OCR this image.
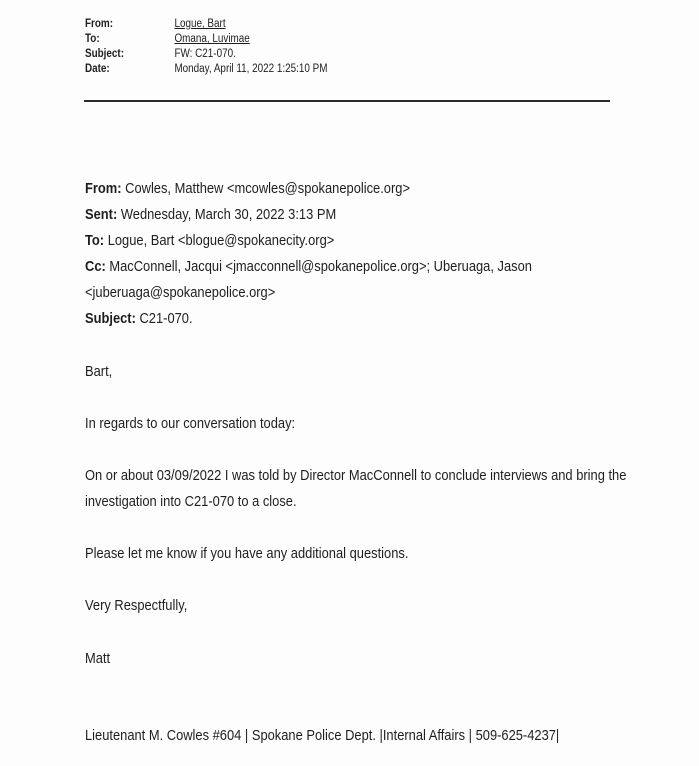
From:	Logue, Bart
To:	Omana, Luvimae
Subject:	FW: C21-070.
Date:	Monday, April 11, 2022 1:25:10 PM
From: Cowles, Matthew <mcowles@spokanepolice.org>
Sent: Wednesday, March 30, 2022 3:13 PM
To: Logue, Bart <blogue@spokanecity.org>
Cc: MacConnell, Jacqui <jmacconnell@spokanepolice.org>; Uberuaga, Jason
<juberuaga@spokanepolice.org>
Subject: C21-070.
Bart,
In regards to our conversation today:
On or about 03/09/2022 I was told by Director MacConnell to conclude interviews and bring the
investigation into C21-070 to a close.
Please let me know if you have any additional questions.
Very Respectfully,
Matt
Lieutenant M. Cowles #604 | Spokane Police Dept. |Internal Affairs | 509-625-4237|
